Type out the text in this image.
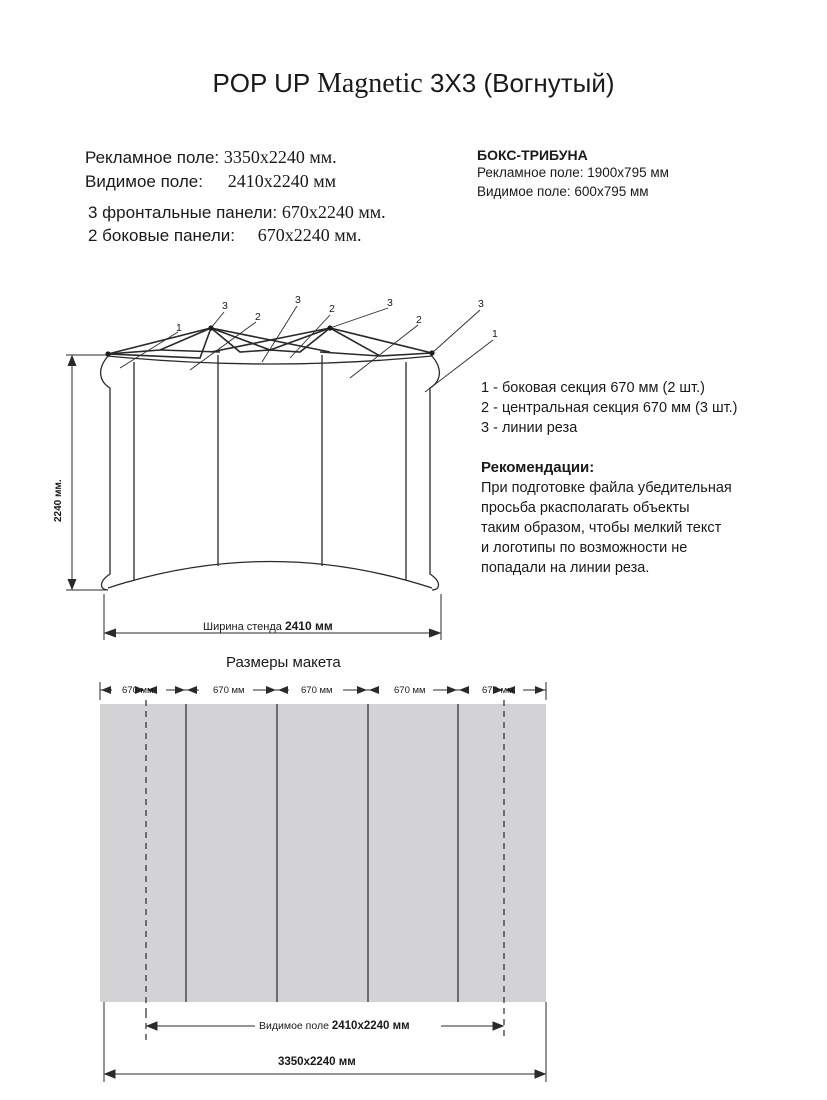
POP UP Magnetic 3X3 (Вогнутый)
Рекламное поле: 3350x2240 мм.
Видимое поле: 2410x2240 мм
3 фронтальные панели: 670x2240 мм.
2 боковые панели: 670x2240 мм.
БОКС-ТРИБУНА
Рекламное поле: 1900x795 мм
Видимое поле: 600x795 мм
1 - боковая секция 670 мм (2 шт.)
2 - центральная секция 670 мм (3 шт.)
3 - линии реза
Рекомендации:
При подготовке файла убедительная
просьба ркасполагать объекты
таким образом, чтобы мелкий текст
и логотипы по возможности не
попадали на линии реза.
1
3
2
3
2	3
2
3
1
2240 мм.
Ширина стенда 2410 мм
Размеры макета
670 мм	670 мм	670 мм	670 мм	670 мм
Видимое поле 2410x2240 мм
3350x2240 мм
